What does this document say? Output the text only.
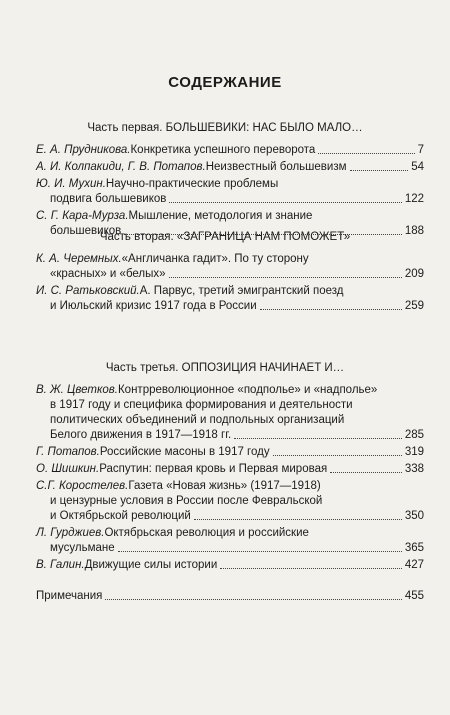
СОДЕРЖАНИЕ
Часть первая. БОЛЬШЕВИКИ: НАС БЫЛО МАЛО…
Е. А. Прудникова. Конкретика успешного переворота	7
А. И. Колпакиди, Г. В. Потапов. Неизвестный большевизм	54
Ю. И. Мухин. Научно-практические проблемы
подвига большевиков	122
С. Г. Кара-Мурза. Мышление, методология и знание
большевиков	188
Часть вторая. «ЗАГРАНИЦА НАМ ПОМОЖЕТ»
К. А. Черемных. «Англичанка гадит». По ту сторону
«красных» и «белых»	209
И. С. Ратьковский. А. Парвус, третий эмигрантский поезд
и Июльский кризис 1917 года в России	259
Часть третья. ОППОЗИЦИЯ НАЧИНАЕТ И…
В. Ж. Цветков. Контрреволюционное «подполье» и «надполье»
в 1917 году и специфика формирования и деятельности
политических объединений и подпольных организаций
Белого движения в 1917—1918 гг.	285
Г. Потапов. Российские масоны в 1917 году	319
О. Шишкин. Распутин: первая кровь и Первая мировая	338
С.Г. Коростелев. Газета «Новая жизнь» (1917—1918)
и цензурные условия в России после Февральской
и Октябрьской революций	350
Л. Гурджиев. Октябрьская революция и российские
мусульмане	365
В. Галин. Движущие силы истории	427
Примечания	455
